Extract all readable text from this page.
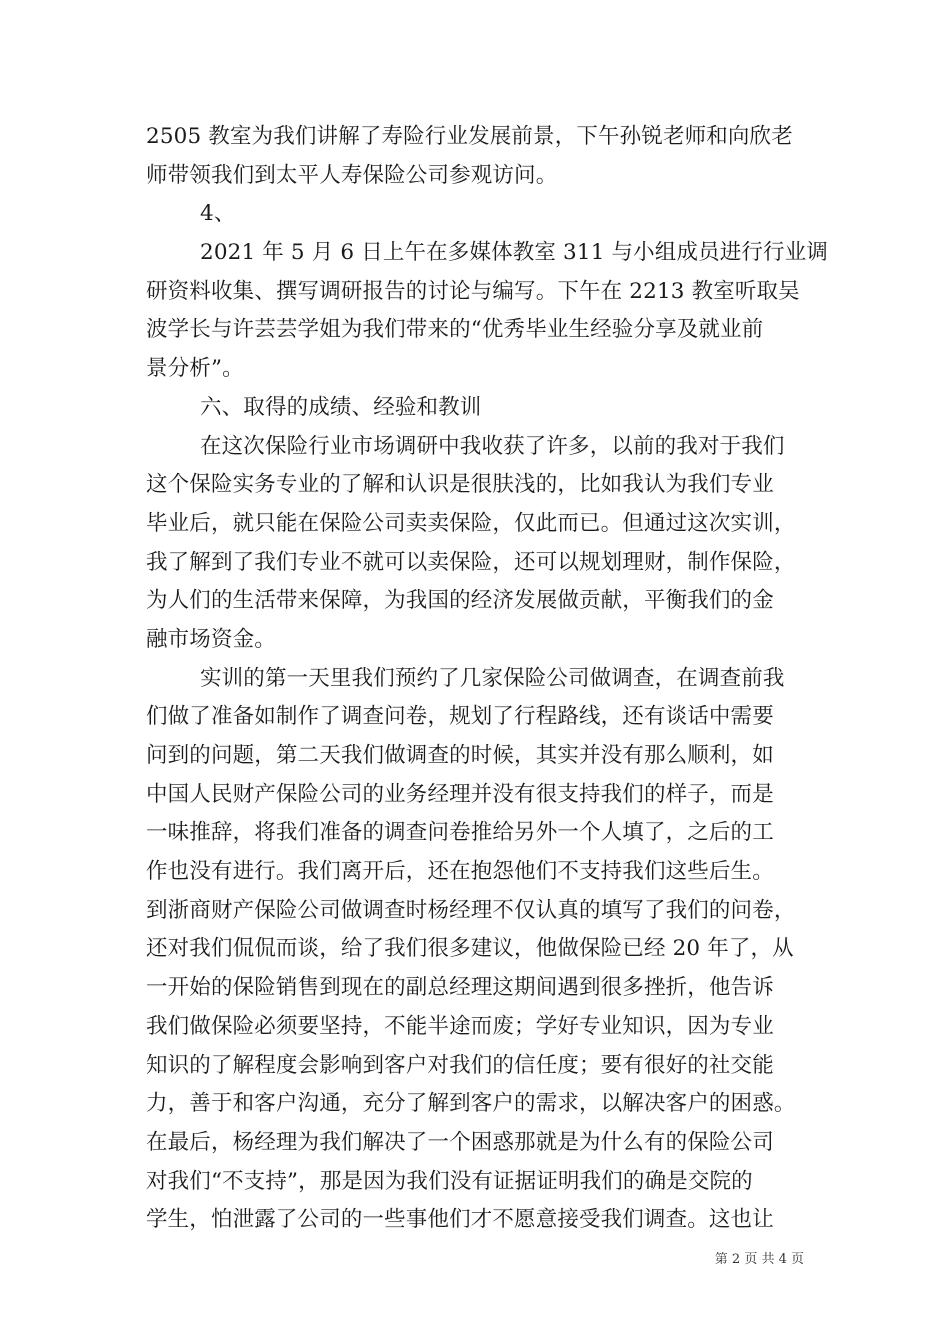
2505 教室为我们讲解了寿险行业发展前景，下午孙锐老师和向欣老
师带领我们到太平人寿保险公司参观访问。
4、
2021 年 5 月 6 日上午在多媒体教室 311 与小组成员进行行业调
研资料收集、撰写调研报告的讨论与编写。下午在 2213 教室听取吴
波学长与许芸芸学姐为我们带来的“优秀毕业生经验分享及就业前
景分析”。
六、取得的成绩、经验和教训
在这次保险行业市场调研中我收获了许多，以前的我对于我们
这个保险实务专业的了解和认识是很肤浅的，比如我认为我们专业
毕业后，就只能在保险公司卖卖保险，仅此而已。但通过这次实训，
我了解到了我们专业不就可以卖保险，还可以规划理财，制作保险，
为人们的生活带来保障，为我国的经济发展做贡献，平衡我们的金
融市场资金。
实训的第一天里我们预约了几家保险公司做调查，在调查前我
们做了准备如制作了调查问卷，规划了行程路线，还有谈话中需要
问到的问题，第二天我们做调查的时候，其实并没有那么顺利，如
中国人民财产保险公司的业务经理并没有很支持我们的样子，而是
一味推辞，将我们准备的调查问卷推给另外一个人填了，之后的工
作也没有进行。我们离开后，还在抱怨他们不支持我们这些后生。
到浙商财产保险公司做调查时杨经理不仅认真的填写了我们的问卷，
还对我们侃侃而谈，给了我们很多建议，他做保险已经 20 年了，从
一开始的保险销售到现在的副总经理这期间遇到很多挫折，他告诉
我们做保险必须要坚持，不能半途而废；学好专业知识，因为专业
知识的了解程度会影响到客户对我们的信任度；要有很好的社交能
力，善于和客户沟通，充分了解到客户的需求，以解决客户的困惑。
在最后，杨经理为我们解决了一个困惑那就是为什么有的保险公司
对我们“不支持”，那是因为我们没有证据证明我们的确是交院的
学生，怕泄露了公司的一些事他们才不愿意接受我们调查。这也让
第 2 页 共 4 页
